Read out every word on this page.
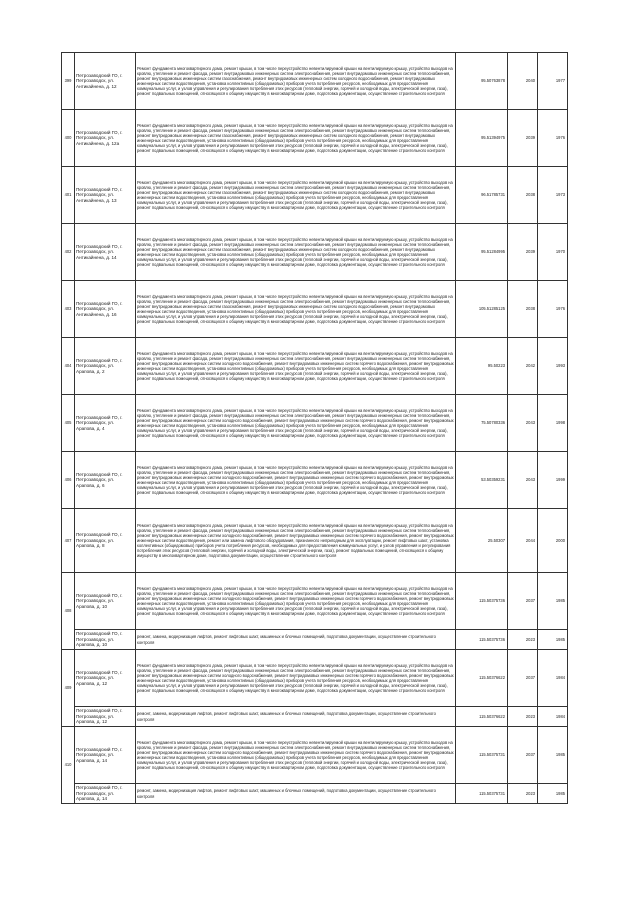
399	Петрозаводский ГО, г. Петрозаводск, ул. Антикайнена, д. 12	Ремонт фундамента многоквартирного дома, ремонт крыши, в том числе переустройство невентилируемой крыши на вентилируемую крышу, устройство выходов на кровлю, утепление и ремонт фасада, ремонт внутридомовых инженерных систем электроснабжения, ремонт внутридомовых инженерных систем теплоснабжения, ремонт внутридомовых инженерных систем газоснабжения, ремонт внутридомовых инженерных систем холодного водоснабжения, ремонт внутридомовых инженерных систем водоотведения, установка коллективных (общедомовых) приборов учета потребления ресурсов, необходимых для предоставления коммунальных услуг, и узлов управления и регулирования потребления этих ресурсов (тепловой энергии, горячей и холодной воды, электрической энергии, газа), ремонт подвальных помещений, относящихся к общему имуществу в многоквартирном доме, подготовка документации, осуществление строительного контроля	95.50763878	2040	1977
400	Петрозаводский ГО, г. Петрозаводск, ул. Антикайнена, д. 12а	Ремонт фундамента многоквартирного дома, ремонт крыши, в том числе переустройство невентилируемой крыши на вентилируемую крышу, устройство выходов на кровлю, утепление и ремонт фасада, ремонт внутридомовых инженерных систем электроснабжения, ремонт внутридомовых инженерных систем теплоснабжения, ремонт внутридомовых инженерных систем газоснабжения, ремонт внутридомовых инженерных систем холодного водоснабжения, ремонт внутридомовых инженерных систем водоотведения, установка коллективных (общедомовых) приборов учета потребления ресурсов, необходимых для предоставления коммунальных услуг, и узлов управления и регулирования потребления этих ресурсов (тепловой энергии, горячей и холодной воды, электрической энергии, газа), ремонт подвальных помещений, относящихся к общему имуществу в многоквартирном доме, подготовка документации, осуществление строительного контроля	95.51394975	2039	1976
401	Петрозаводский ГО, г. Петрозаводск, ул. Антикайнена, д. 13	Ремонт фундамента многоквартирного дома, ремонт крыши, в том числе переустройство невентилируемой крыши на вентилируемую крышу, устройство выходов на кровлю, утепление и ремонт фасада, ремонт внутридомовых инженерных систем электроснабжения, ремонт внутридомовых инженерных систем теплоснабжения, ремонт внутридомовых инженерных систем газоснабжения, ремонт внутридомовых инженерных систем холодного водоснабжения, ремонт внутридомовых инженерных систем водоотведения, установка коллективных (общедомовых) приборов учета потребления ресурсов, необходимых для предоставления коммунальных услуг, и узлов управления и регулирования потребления этих ресурсов (тепловой энергии, горячей и холодной воды, электрической энергии, газа), ремонт подвальных помещений, относящихся к общему имуществу в многоквартирном доме, подготовка документации, осуществление строительного контроля	96.51785731	2038	1973
402	Петрозаводский ГО, г. Петрозаводск, ул. Антикайнена, д. 14	Ремонт фундамента многоквартирного дома, ремонт крыши, в том числе переустройство невентилируемой крыши на вентилируемую крышу, устройство выходов на кровлю, утепление и ремонт фасада, ремонт внутридомовых инженерных систем электроснабжения, ремонт внутридомовых инженерных систем теплоснабжения, ремонт внутридомовых инженерных систем газоснабжения, ремонт внутридомовых инженерных систем холодного водоснабжения, ремонт внутридомовых инженерных систем водоотведения, установка коллективных (общедомовых) приборов учета потребления ресурсов, необходимых для предоставления коммунальных услуг, и узлов управления и регулирования потребления этих ресурсов (тепловой энергии, горячей и холодной воды, электрической энергии, газа), ремонт подвальных помещений, относящихся к общему имуществу в многоквартирном доме, подготовка документации, осуществление строительного контроля	95.51284995	2039	1970
403	Петрозаводский ГО, г. Петрозаводск, ул. Антикайнена, д. 16	Ремонт фундамента многоквартирного дома, ремонт крыши, в том числе переустройство невентилируемой крыши на вентилируемую крышу, устройство выходов на кровлю, утепление и ремонт фасада, ремонт внутридомовых инженерных систем электроснабжения, ремонт внутридомовых инженерных систем теплоснабжения, ремонт внутридомовых инженерных систем газоснабжения, ремонт внутридомовых инженерных систем холодного водоснабжения, ремонт внутридомовых инженерных систем водоотведения, установка коллективных (общедомовых) приборов учета потребления ресурсов, необходимых для предоставления коммунальных услуг, и узлов управления и регулирования потребления этих ресурсов (тепловой энергии, горячей и холодной воды, электрической энергии, газа), ремонт подвальных помещений, относящихся к общему имуществу в многоквартирном доме, подготовка документации, осуществление строительного контроля	105.51285125	2038	1976
404	Петрозаводский ГО, г. Петрозаводск, ул. Арапова, д. 2	Ремонт фундамента многоквартирного дома, ремонт крыши, в том числе переустройство невентилируемой крыши на вентилируемую крышу, устройство выходов на кровлю, утепление и ремонт фасада, ремонт внутридомовых инженерных систем электроснабжения, ремонт внутридомовых инженерных систем теплоснабжения, ремонт внутридомовых инженерных систем холодного водоснабжения, ремонт внутридомовых инженерных систем горячего водоснабжения, ремонт внутридомовых инженерных систем водоотведения, установка коллективных (общедомовых) приборов учета потребления ресурсов, необходимых для предоставления коммунальных услуг, и узлов управления и регулирования потребления этих ресурсов (тепловой энергии, горячей и холодной воды, электрической энергии, газа), ремонт подвальных помещений, относящихся к общему имуществу в многоквартирном доме, подготовка документации, осуществление строительного контроля	95.50223	2042	1993
405	Петрозаводский ГО, г. Петрозаводск, ул. Арапова, д. 4	Ремонт фундамента многоквартирного дома, ремонт крыши, в том числе переустройство невентилируемой крыши на вентилируемую крышу, устройство выходов на кровлю, утепление и ремонт фасада, ремонт внутридомовых инженерных систем электроснабжения, ремонт внутридомовых инженерных систем теплоснабжения, ремонт внутридомовых инженерных систем холодного водоснабжения, ремонт внутридомовых инженерных систем горячего водоснабжения, ремонт внутридомовых инженерных систем водоотведения, установка коллективных (общедомовых) приборов учета потребления ресурсов, необходимых для предоставления коммунальных услуг, и узлов управления и регулирования потребления этих ресурсов (тепловой энергии, горячей и холодной воды, электрической энергии, газа), ремонт подвальных помещений, относящихся к общему имуществу в многоквартирном доме, подготовка документации, осуществление строительного контроля	75.50780336	2043	1998
406	Петрозаводский ГО, г. Петрозаводск, ул. Арапова, д. 6	Ремонт фундамента многоквартирного дома, ремонт крыши, в том числе переустройство невентилируемой крыши на вентилируемую крышу, устройство выходов на кровлю, утепление и ремонт фасада, ремонт внутридомовых инженерных систем электроснабжения, ремонт внутридомовых инженерных систем теплоснабжения, ремонт внутридомовых инженерных систем холодного водоснабжения, ремонт внутридомовых инженерных систем горячего водоснабжения, ремонт внутридомовых инженерных систем водоотведения, установка коллективных (общедомовых) приборов учета потребления ресурсов, необходимых для предоставления коммунальных услуг, и узлов управления и регулирования потребления этих ресурсов (тепловой энергии, горячей и холодной воды, электрической энергии, газа), ремонт подвальных помещений, относящихся к общему имуществу в многоквартирном доме, подготовка документации, осуществление строительного контроля	53.50359231	2043	1999
407	Петрозаводский ГО, г. Петрозаводск, ул. Арапова, д. 8	Ремонт фундамента многоквартирного дома, ремонт крыши, в том числе переустройство невентилируемой крыши на вентилируемую крышу, устройство выходов на кровлю, утепление и ремонт фасада, ремонт внутридомовых инженерных систем электроснабжения, ремонт внутридомовых инженерных систем теплоснабжения, ремонт внутридомовых инженерных систем холодного водоснабжения, ремонт внутридомовых инженерных систем горячего водоснабжения, ремонт внутридомовых инженерных систем водоотведения, ремонт или замена лифтового оборудования, признанного непригодным для эксплуатации, ремонт лифтовых шахт, установка коллективных (общедомовых) приборов учета потребления ресурсов, необходимых для предоставления коммунальных услуг, и узлов управления и регулирования потребления этих ресурсов (тепловой энергии, горячей и холодной воды, электрической энергии, газа), ремонт подвальных помещений, относящихся к общему имуществу в многоквартирном доме, подготовка документации, осуществление строительного контроля	25.50307	2044	2000
408	Петрозаводский ГО, г. Петрозаводск, ул. Арапова, д. 10	Ремонт фундамента многоквартирного дома, ремонт крыши, в том числе переустройство невентилируемой крыши на вентилируемую крышу, устройство выходов на кровлю, утепление и ремонт фасада, ремонт внутридомовых инженерных систем электроснабжения, ремонт внутридомовых инженерных систем теплоснабжения, ремонт внутридомовых инженерных систем холодного водоснабжения, ремонт внутридомовых инженерных систем горячего водоснабжения, ремонт внутридомовых инженерных систем водоотведения, установка коллективных (общедомовых) приборов учета потребления ресурсов, необходимых для предоставления коммунальных услуг, и узлов управления и регулирования потребления этих ресурсов (тепловой энергии, горячей и холодной воды, электрической энергии, газа), ремонт подвальных помещений, относящихся к общему имуществу в многоквартирном доме, подготовка документации, осуществление строительного контроля	115.50375736	2037	1985
	Петрозаводский ГО, г. Петрозаводск, ул. Арапова, д. 10	ремонт, замена, модернизация лифтов, ремонт лифтовых шахт, машинных и блочных помещений, подготовка документации, осуществление строительного контроля	115.50375736	2023	1985
409	Петрозаводский ГО, г. Петрозаводск, ул. Арапова, д. 12	Ремонт фундамента многоквартирного дома, ремонт крыши, в том числе переустройство невентилируемой крыши на вентилируемую крышу, устройство выходов на кровлю, утепление и ремонт фасада, ремонт внутридомовых инженерных систем электроснабжения, ремонт внутридомовых инженерных систем теплоснабжения, ремонт внутридомовых инженерных систем холодного водоснабжения, ремонт внутридомовых инженерных систем горячего водоснабжения, ремонт внутридомовых инженерных систем водоотведения, установка коллективных (общедомовых) приборов учета потребления ресурсов, необходимых для предоставления коммунальных услуг, и узлов управления и регулирования потребления этих ресурсов (тепловой энергии, горячей и холодной воды, электрической энергии, газа), ремонт подвальных помещений, относящихся к общему имуществу в многоквартирном доме, подготовка документации, осуществление строительного контроля	115.50376622	2037	1984
	Петрозаводский ГО, г. Петрозаводск, ул. Арапова, д. 12	ремонт, замена, модернизация лифтов, ремонт лифтовых шахт, машинных и блочных помещений, подготовка документации, осуществление строительного контроля	115.50376622	2023	1984
410	Петрозаводский ГО, г. Петрозаводск, ул. Арапова, д. 14	Ремонт фундамента многоквартирного дома, ремонт крыши, в том числе переустройство невентилируемой крыши на вентилируемую крышу, устройство выходов на кровлю, утепление и ремонт фасада, ремонт внутридомовых инженерных систем электроснабжения, ремонт внутридомовых инженерных систем теплоснабжения, ремонт внутридомовых инженерных систем холодного водоснабжения, ремонт внутридомовых инженерных систем горячего водоснабжения, ремонт внутридомовых инженерных систем водоотведения, установка коллективных (общедомовых) приборов учета потребления ресурсов, необходимых для предоставления коммунальных услуг, и узлов управления и регулирования потребления этих ресурсов (тепловой энергии, горячей и холодной воды, электрической энергии, газа), ремонт подвальных помещений, относящихся к общему имуществу в многоквартирном доме, подготовка документации, осуществление строительного контроля	115.50375731	2037	1985
	Петрозаводский ГО, г. Петрозаводск, ул. Арапова, д. 14	ремонт, замена, модернизация лифтов, ремонт лифтовых шахт, машинных и блочных помещений, подготовка документации, осуществление строительного контроля	115.50375731	2023	1985
